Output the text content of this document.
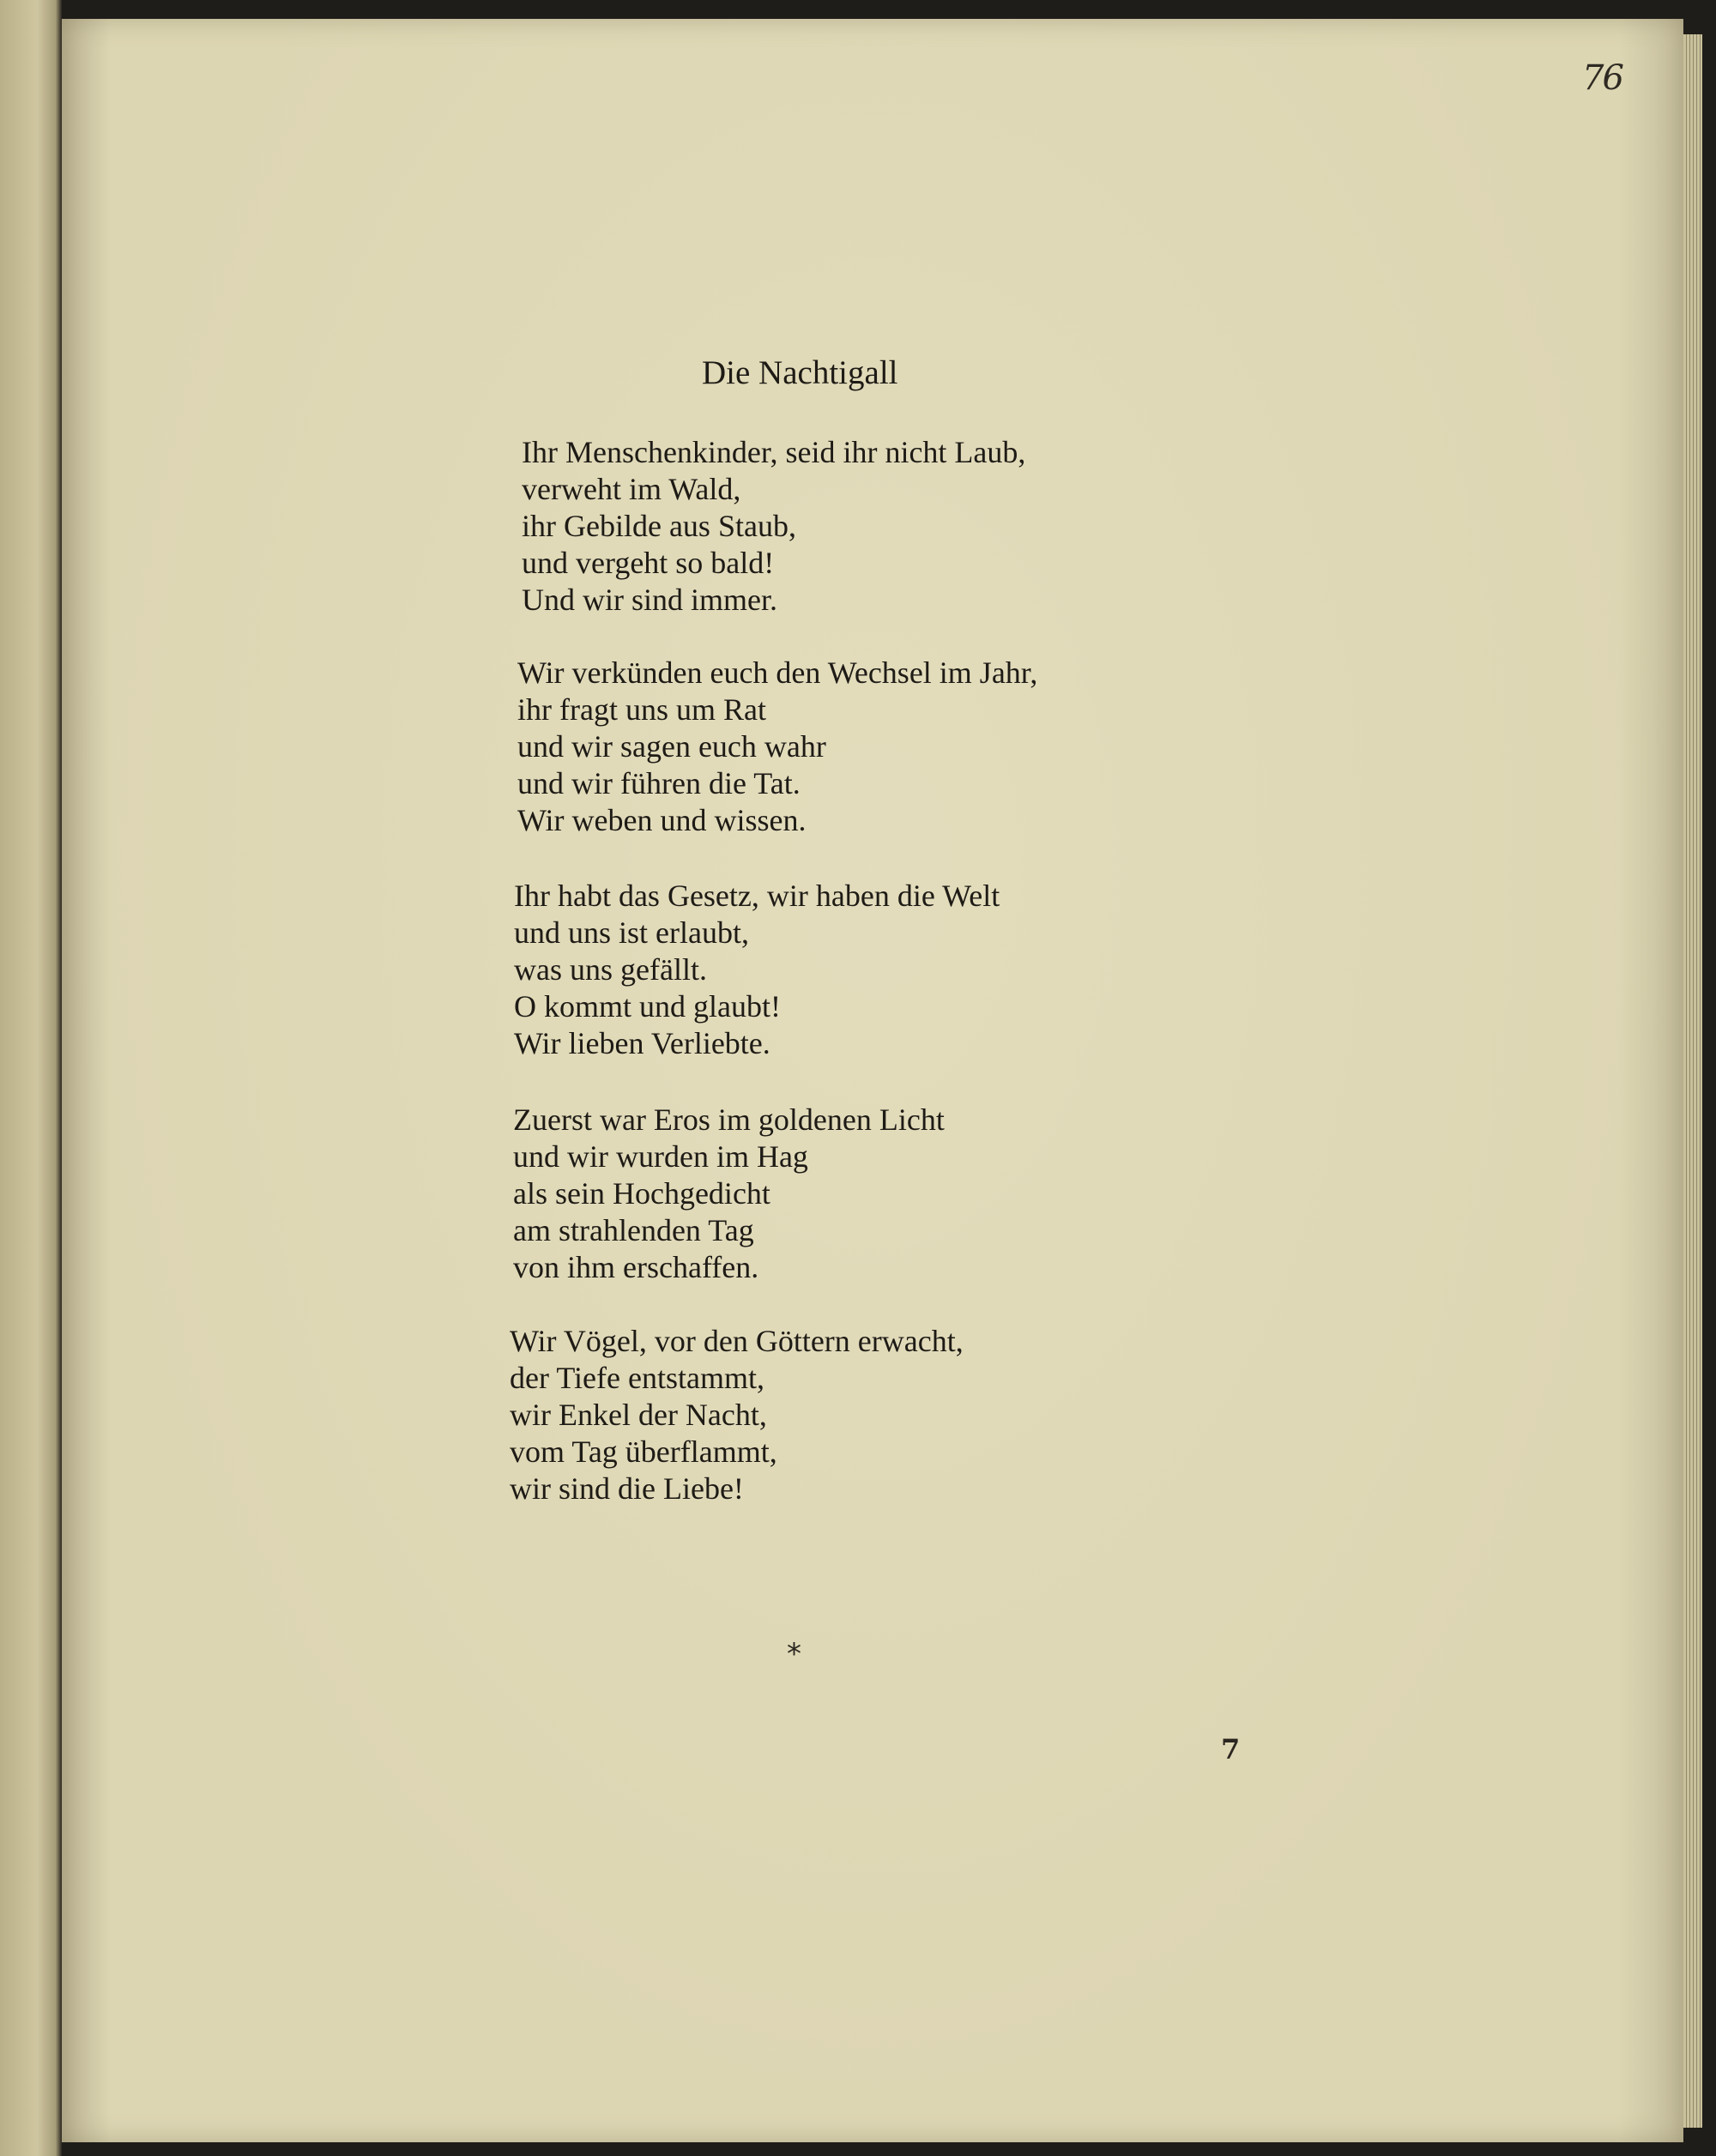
76
Die Nachtigall
Ihr Menschenkinder, seid ihr nicht Laub,
verweht im Wald,
ihr Gebilde aus Staub,
und vergeht so bald!
Und wir sind immer.
Wir verkünden euch den Wechsel im Jahr,
ihr fragt uns um Rat
und wir sagen euch wahr
und wir führen die Tat.
Wir weben und wissen.
Ihr habt das Gesetz, wir haben die Welt
und uns ist erlaubt,
was uns gefällt.
O kommt und glaubt!
Wir lieben Verliebte.
Zuerst war Eros im goldenen Licht
und wir wurden im Hag
als sein Hochgedicht
am strahlenden Tag
von ihm erschaffen.
Wir Vögel, vor den Göttern erwacht,
der Tiefe entstammt,
wir Enkel der Nacht,
vom Tag überflammt,
wir sind die Liebe!
*
7
